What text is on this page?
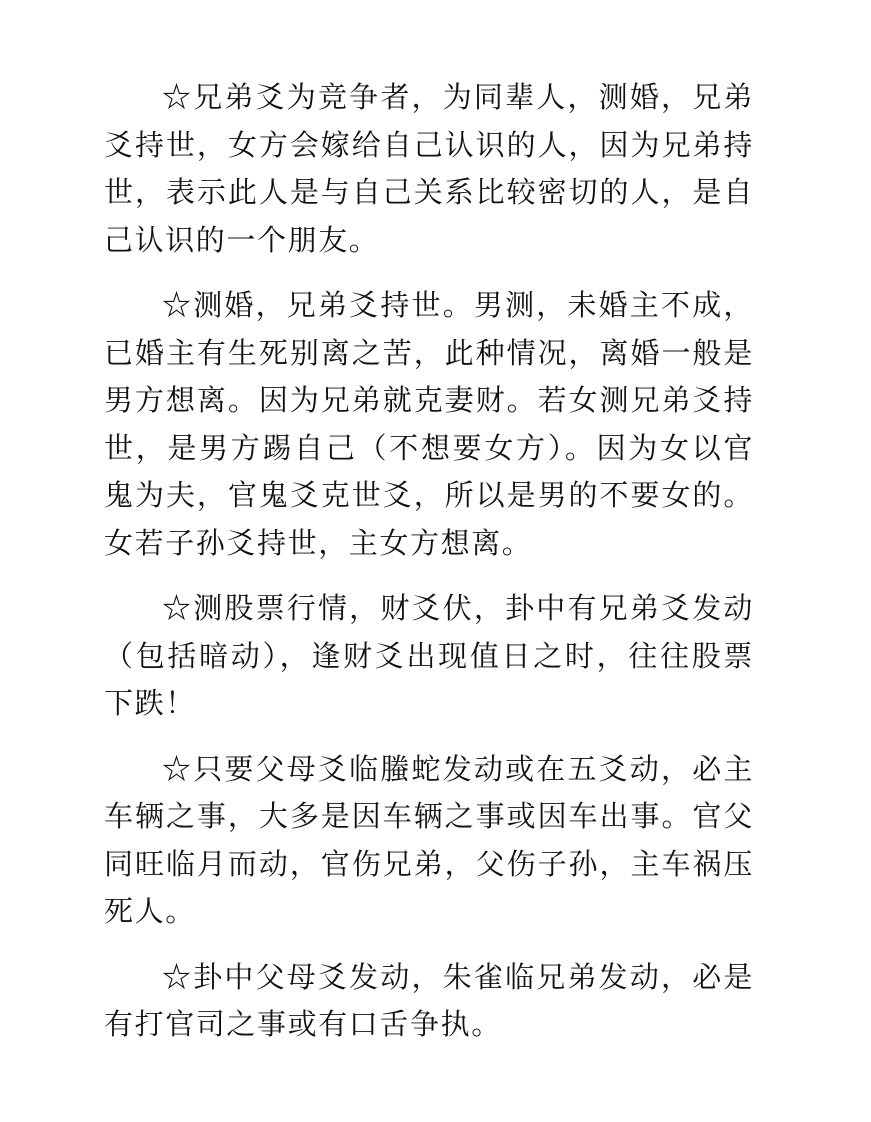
☆兄弟爻为竞争者，为同辈人，测婚，兄弟爻持世，女方会嫁给自己认识的人，因为兄弟持世，表示此人是与自己关系比较密切的人，是自己认识的一个朋友。

☆测婚，兄弟爻持世。男测，未婚主不成，已婚主有生死别离之苦，此种情况，离婚一般是男方想离。因为兄弟就克妻财。若女测兄弟爻持世，是男方踢自己（不想要女方）。因为女以官鬼为夫，官鬼爻克世爻，所以是男的不要女的。女若子孙爻持世，主女方想离。

☆测股票行情，财爻伏，卦中有兄弟爻发动（包括暗动），逢财爻出现值日之时，往往股票下跌！

☆只要父母爻临螣蛇发动或在五爻动，必主车辆之事，大多是因车辆之事或因车出事。官父同旺临月而动，官伤兄弟，父伤子孙，主车祸压死人。

☆卦中父母爻发动，朱雀临兄弟发动，必是有打官司之事或有口舌争执。
